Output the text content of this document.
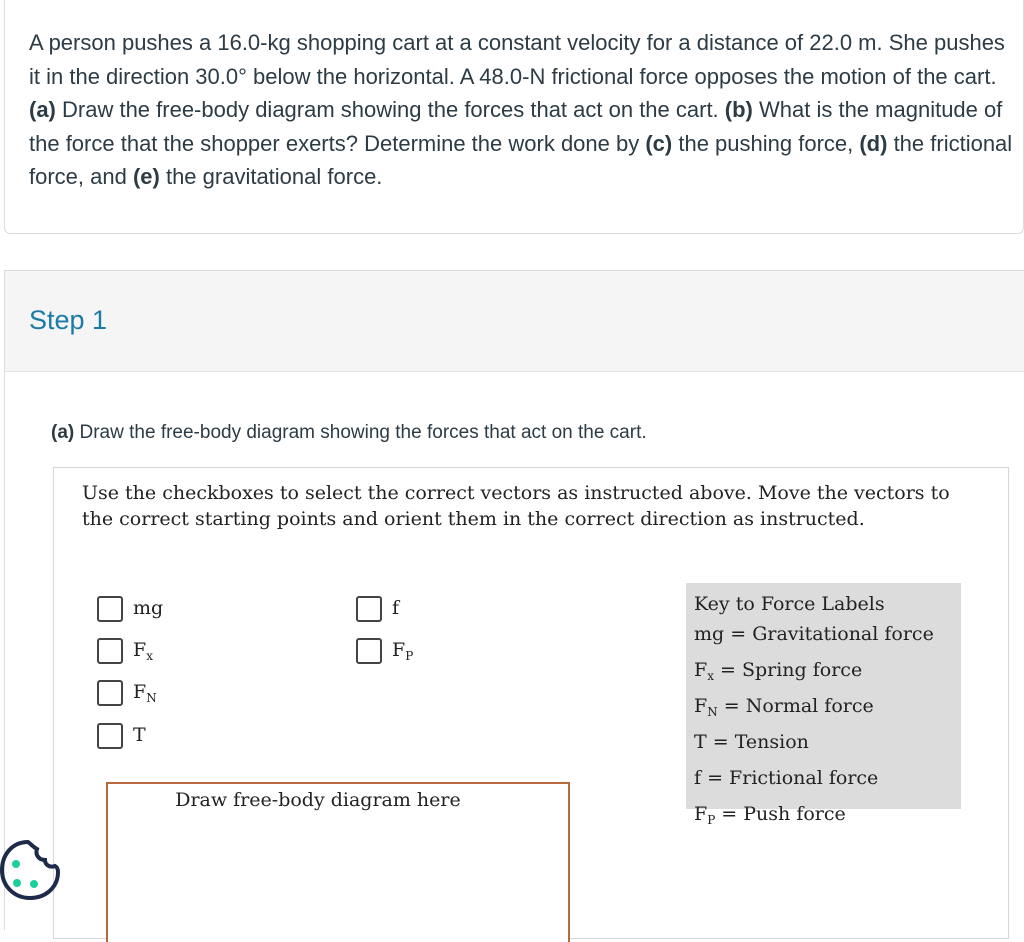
A person pushes a 16.0-kg shopping cart at a constant velocity for a distance of 22.0 m. She pushes it in the direction 30.0° below the horizontal. A 48.0-N frictional force opposes the motion of the cart. (a) Draw the free-body diagram showing the forces that act on the cart. (b) What is the magnitude of the force that the shopper exerts? Determine the work done by (c) the pushing force, (d) the frictional force, and (e) the gravitational force.

Step 1
(a) Draw the free-body diagram showing the forces that act on the cart.

Use the checkboxes to select the correct vectors as instructed above. Move the vectors to the correct starting points and orient them in the correct direction as instructed.

mg
$F_x$
$F_N$
T
f
$F_P$
Key to Force Labels
mg = Gravitational force
$F_x$ = Spring force
$F_N$ = Normal force
T = Tension
f = Frictional force
$F_P$ = Push force
Draw free-body diagram here
